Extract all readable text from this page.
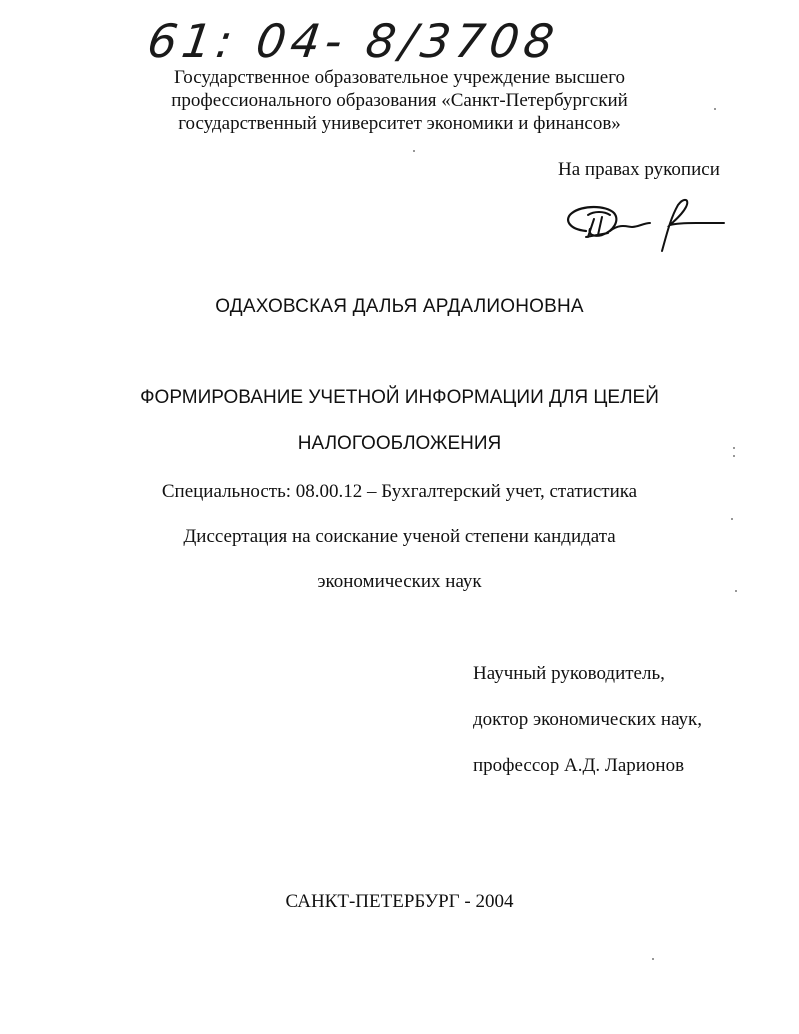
61: 04- 8/3708
Государственное образовательное учреждение высшего
профессионального образования «Санкт-Петербургский
государственный университет экономики и финансов»
На правах рукописи
ОДАХОВСКАЯ ДАЛЬЯ АРДАЛИОНОВНА
ФОРМИРОВАНИЕ УЧЕТНОЙ ИНФОРМАЦИИ ДЛЯ ЦЕЛЕЙ
НАЛОГООБЛОЖЕНИЯ
Специальность: 08.00.12 – Бухгалтерский учет, статистика
Диссертация на соискание ученой степени кандидата
экономических наук
Научный руководитель,
доктор экономических наук,
профессор А.Д. Ларионов
САНКТ-ПЕТЕРБУРГ - 2004
